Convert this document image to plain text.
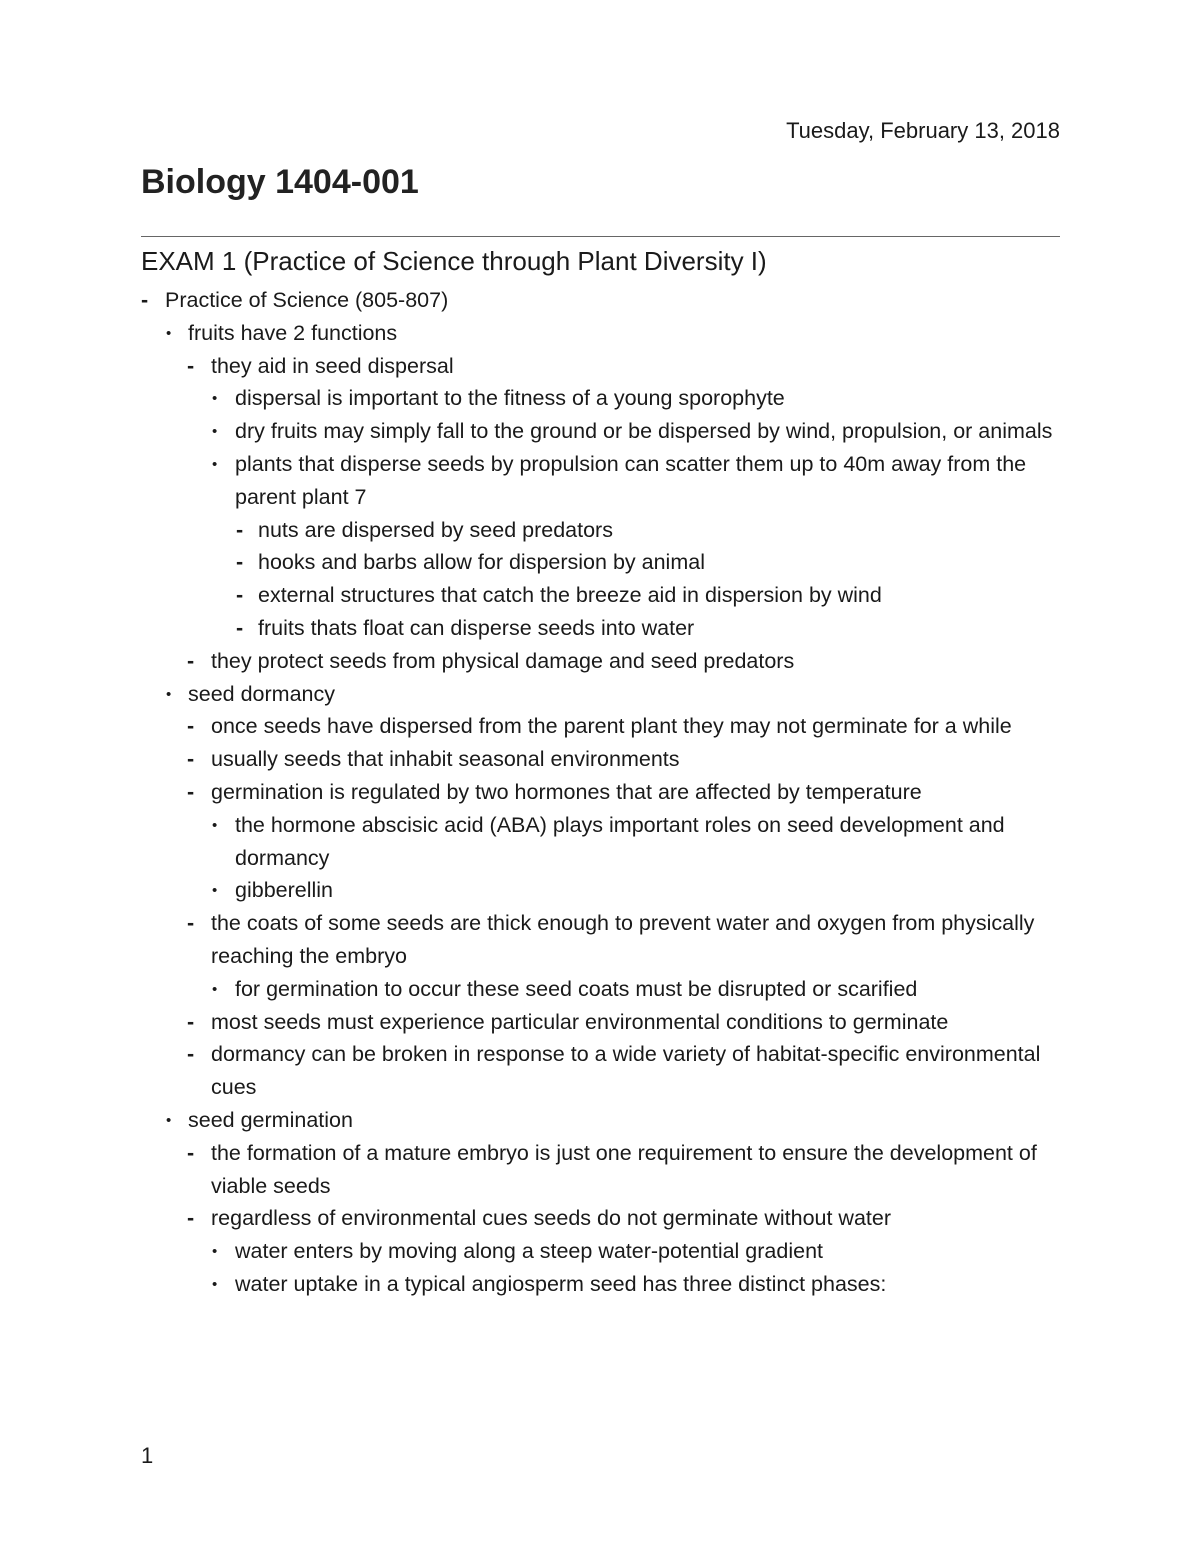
Tuesday, February 13, 2018
Biology 1404-001
EXAM 1 (Practice of Science through Plant Diversity I)
- Practice of Science (805-807)
• fruits have 2 functions
- they aid in seed dispersal
• dispersal is important to the fitness of a young sporophyte
• dry fruits may simply fall to the ground or be dispersed by wind, propulsion, or animals
• plants that disperse seeds by propulsion can scatter them up to 40m away from the parent plant 7
- nuts are dispersed by seed predators
- hooks and barbs allow for dispersion by animal
- external structures that catch the breeze aid in dispersion by wind
- fruits thats float can disperse seeds into water
- they protect seeds from physical damage and seed predators
• seed dormancy
- once seeds have dispersed from the parent plant they may not germinate for a while
- usually seeds that inhabit seasonal environments
- germination is regulated by two hormones that are affected by temperature
• the hormone abscisic acid (ABA) plays important roles on seed development and dormancy
• gibberellin
- the coats of some seeds are thick enough to prevent water and oxygen from physically reaching the embryo
• for germination to occur these seed coats must be disrupted or scarified
- most seeds must experience particular environmental conditions to germinate
- dormancy can be broken in response to a wide variety of habitat-specific environmental cues
• seed germination
- the formation of a mature embryo is just one requirement to ensure the development of viable seeds
- regardless of environmental cues seeds do not germinate without water
• water enters by moving along a steep water-potential gradient
• water uptake in a typical angiosperm seed has three distinct phases:
1
